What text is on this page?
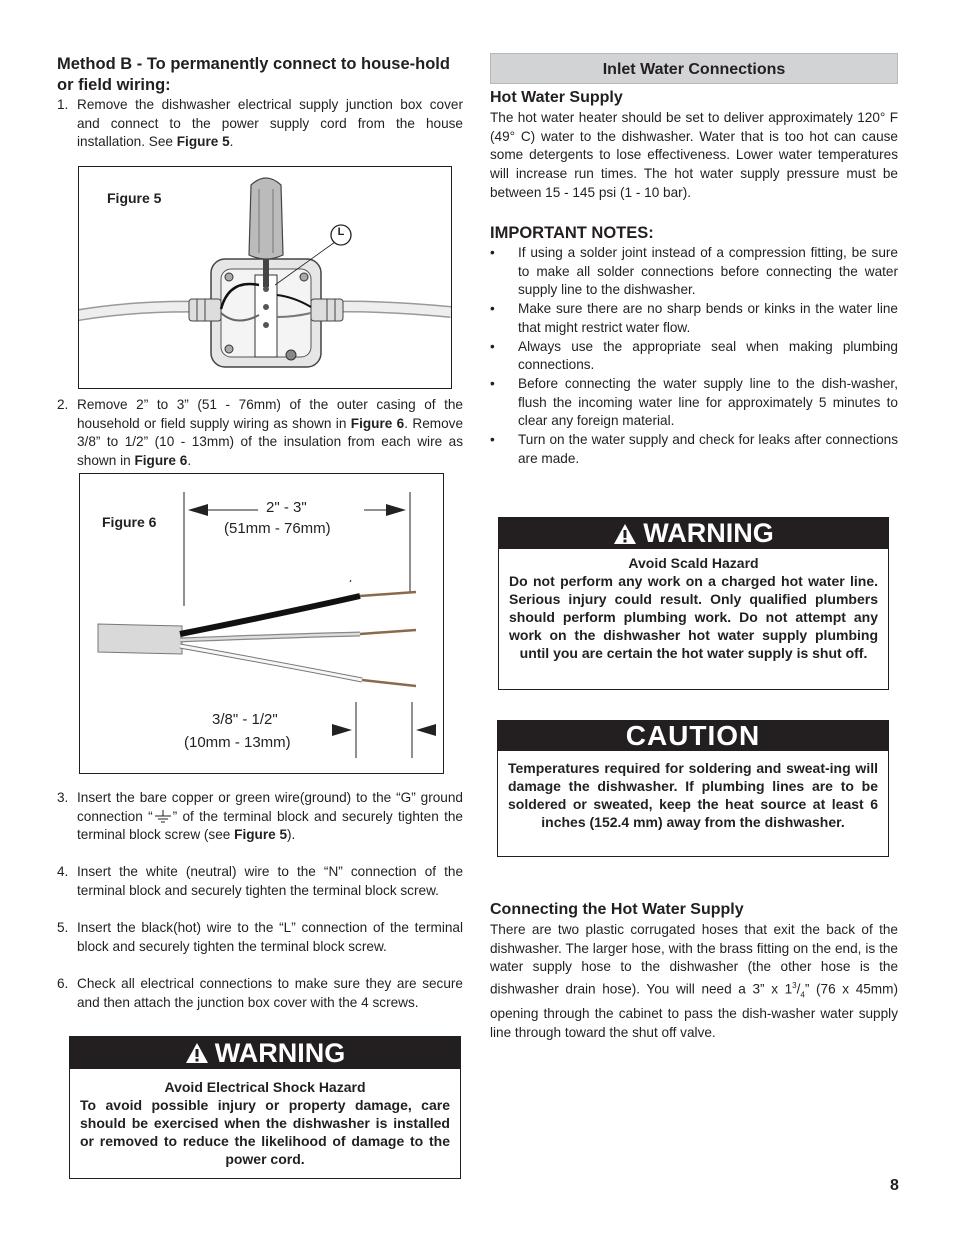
Method B - To permanently connect to house-hold or field wiring:
1. Remove the dishwasher electrical supply junction box cover and connect to the power supply cord from the house installation. See Figure 5.
Figure 5
L
2. Remove 2” to 3” (51 - 76mm) of the outer casing of the household or field supply wiring as shown in Figure 6. Remove 3/8” to 1/2” (10 - 13mm) of the insulation from each wire as shown in Figure 6.
Figure 6
2" - 3"
(51mm - 76mm)
3/8" - 1/2"
(10mm - 13mm)
3. Insert the bare copper or green wire(ground) to the “G” ground connection “ ” of the terminal block and securely tighten the terminal block screw (see Figure 5).
4. Insert the white (neutral) wire to the “N” connection of the terminal block and securely tighten the terminal block screw.
5. Insert the black(hot) wire to the “L” connection of the terminal block and securely tighten the terminal block screw.
6. Check all electrical connections to make sure they are secure and then attach the junction box cover with the 4 screws.
WARNING
Avoid Electrical Shock Hazard
To avoid possible injury or property damage, care should be exercised when the dishwasher is installed or removed to reduce the likelihood of damage to the power cord.
Inlet Water Connections
Hot Water Supply
The hot water heater should be set to deliver approximately 120° F (49° C) water to the dishwasher. Water that is too hot can cause some detergents to lose effectiveness. Lower water temperatures will increase run times. The hot water supply pressure must be between 15 - 145 psi (1 - 10 bar).
IMPORTANT NOTES:
• If using a solder joint instead of a compression fitting, be sure to make all solder connections before connecting the water supply line to the dishwasher.
• Make sure there are no sharp bends or kinks in the water line that might restrict water flow.
• Always use the appropriate seal when making plumbing connections.
• Before connecting the water supply line to the dish-washer, flush the incoming water line for approximately 5 minutes to clear any foreign material.
• Turn on the water supply and check for leaks after connections are made.
WARNING
Avoid Scald Hazard
Do not perform any work on a charged hot water line. Serious injury could result. Only qualified plumbers should perform plumbing work. Do not attempt any work on the dishwasher hot water supply plumbing until you are certain the hot water supply is shut off.
CAUTION
Temperatures required for soldering and sweat-ing will damage the dishwasher. If plumbing lines are to be soldered or sweated, keep the heat source at least 6 inches (152.4 mm) away from the dishwasher.
Connecting the Hot Water Supply
There are two plastic corrugated hoses that exit the back of the dishwasher. The larger hose, with the brass fitting on the end, is the water supply hose to the dishwasher (the other hose is the dishwasher drain hose). You will need a 3” x $1^3/_4$” (76 x 45mm) opening through the cabinet to pass the dish-washer water supply line through toward the shut off valve.
8
